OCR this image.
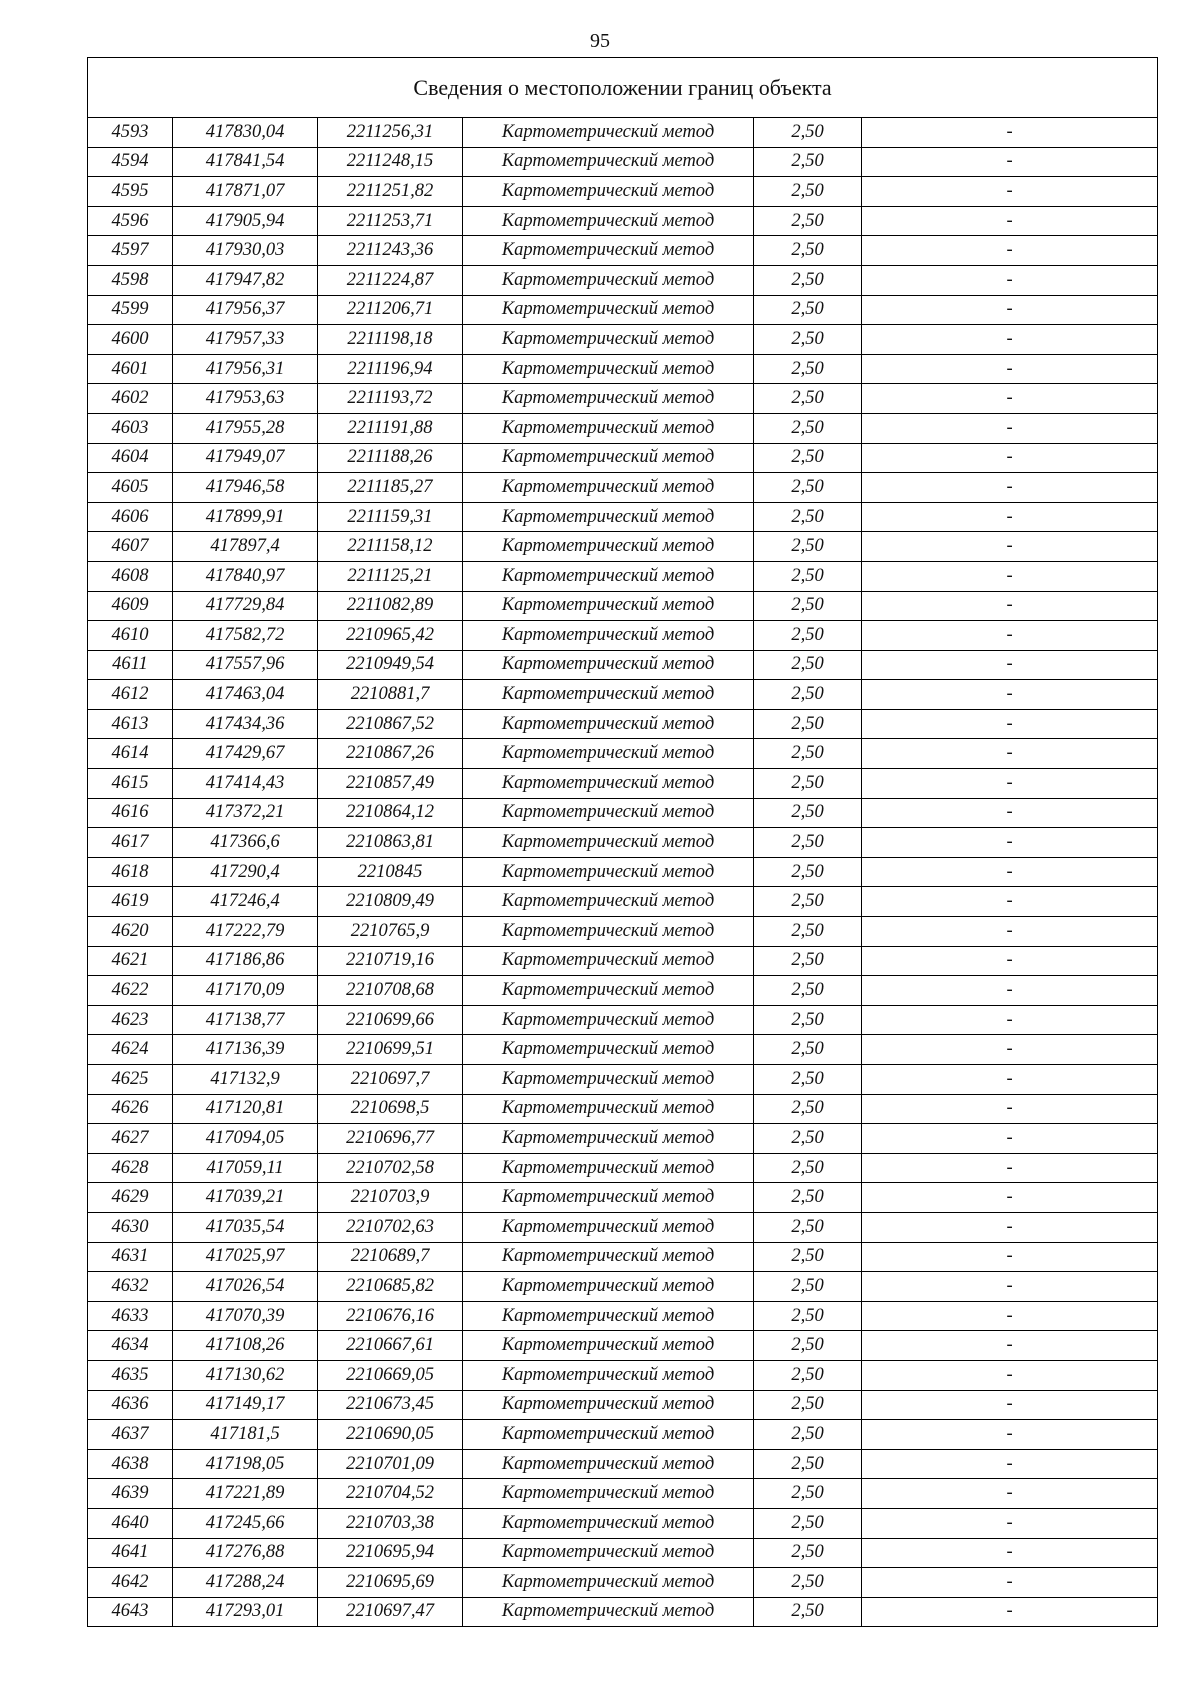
95
Сведения о местоположении границ объекта					
4593	417830,04	2211256,31	Картометрический метод	2,50	-
4594	417841,54	2211248,15	Картометрический метод	2,50	-
4595	417871,07	2211251,82	Картометрический метод	2,50	-
4596	417905,94	2211253,71	Картометрический метод	2,50	-
4597	417930,03	2211243,36	Картометрический метод	2,50	-
4598	417947,82	2211224,87	Картометрический метод	2,50	-
4599	417956,37	2211206,71	Картометрический метод	2,50	-
4600	417957,33	2211198,18	Картометрический метод	2,50	-
4601	417956,31	2211196,94	Картометрический метод	2,50	-
4602	417953,63	2211193,72	Картометрический метод	2,50	-
4603	417955,28	2211191,88	Картометрический метод	2,50	-
4604	417949,07	2211188,26	Картометрический метод	2,50	-
4605	417946,58	2211185,27	Картометрический метод	2,50	-
4606	417899,91	2211159,31	Картометрический метод	2,50	-
4607	417897,4	2211158,12	Картометрический метод	2,50	-
4608	417840,97	2211125,21	Картометрический метод	2,50	-
4609	417729,84	2211082,89	Картометрический метод	2,50	-
4610	417582,72	2210965,42	Картометрический метод	2,50	-
4611	417557,96	2210949,54	Картометрический метод	2,50	-
4612	417463,04	2210881,7	Картометрический метод	2,50	-
4613	417434,36	2210867,52	Картометрический метод	2,50	-
4614	417429,67	2210867,26	Картометрический метод	2,50	-
4615	417414,43	2210857,49	Картометрический метод	2,50	-
4616	417372,21	2210864,12	Картометрический метод	2,50	-
4617	417366,6	2210863,81	Картометрический метод	2,50	-
4618	417290,4	2210845	Картометрический метод	2,50	-
4619	417246,4	2210809,49	Картометрический метод	2,50	-
4620	417222,79	2210765,9	Картометрический метод	2,50	-
4621	417186,86	2210719,16	Картометрический метод	2,50	-
4622	417170,09	2210708,68	Картометрический метод	2,50	-
4623	417138,77	2210699,66	Картометрический метод	2,50	-
4624	417136,39	2210699,51	Картометрический метод	2,50	-
4625	417132,9	2210697,7	Картометрический метод	2,50	-
4626	417120,81	2210698,5	Картометрический метод	2,50	-
4627	417094,05	2210696,77	Картометрический метод	2,50	-
4628	417059,11	2210702,58	Картометрический метод	2,50	-
4629	417039,21	2210703,9	Картометрический метод	2,50	-
4630	417035,54	2210702,63	Картометрический метод	2,50	-
4631	417025,97	2210689,7	Картометрический метод	2,50	-
4632	417026,54	2210685,82	Картометрический метод	2,50	-
4633	417070,39	2210676,16	Картометрический метод	2,50	-
4634	417108,26	2210667,61	Картометрический метод	2,50	-
4635	417130,62	2210669,05	Картометрический метод	2,50	-
4636	417149,17	2210673,45	Картометрический метод	2,50	-
4637	417181,5	2210690,05	Картометрический метод	2,50	-
4638	417198,05	2210701,09	Картометрический метод	2,50	-
4639	417221,89	2210704,52	Картометрический метод	2,50	-
4640	417245,66	2210703,38	Картометрический метод	2,50	-
4641	417276,88	2210695,94	Картометрический метод	2,50	-
4642	417288,24	2210695,69	Картометрический метод	2,50	-
4643	417293,01	2210697,47	Картометрический метод	2,50	-
